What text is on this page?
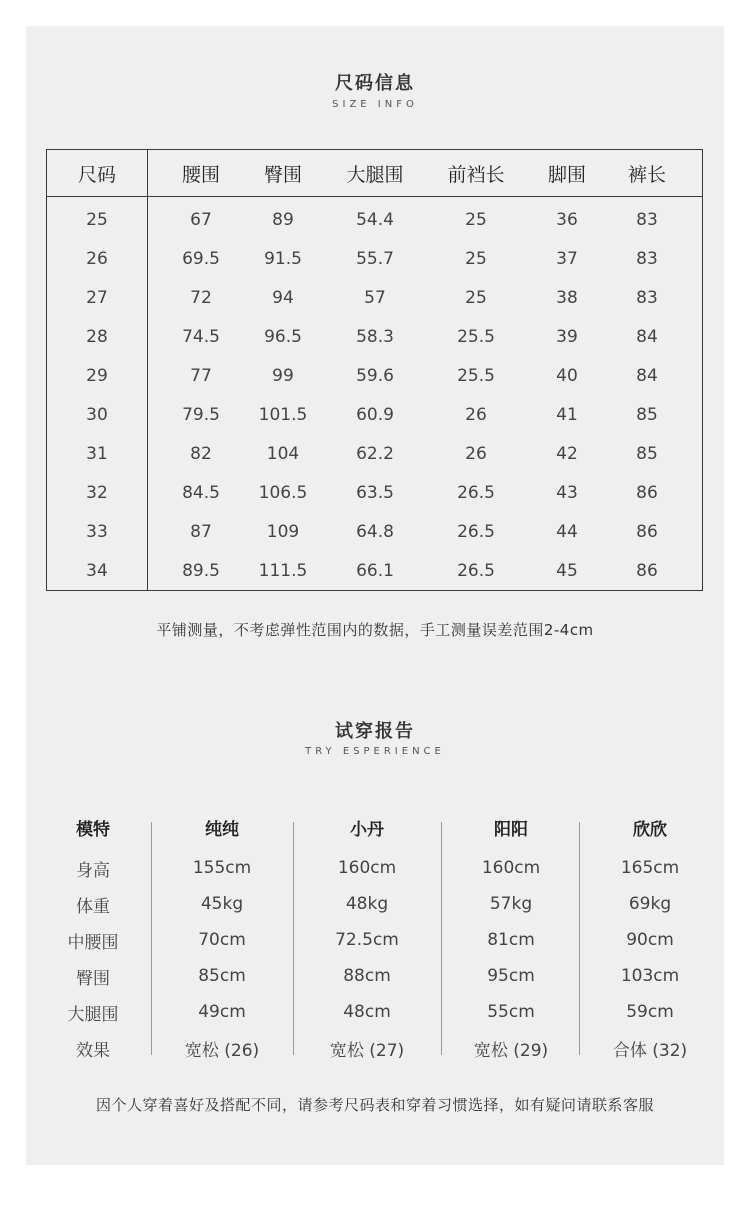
尺码信息
SIZE INFO
尺码	腰围	臀围	大腿围	前裆长	脚围	裤长
25	67	89	54.4	25	36	83
26	69.5	91.5	55.7	25	37	83
27	72	94	57	25	38	83
28	74.5	96.5	58.3	25.5	39	84
29	77	99	59.6	25.5	40	84
30	79.5	101.5	60.9	26	41	85
31	82	104	62.2	26	42	85
32	84.5	106.5	63.5	26.5	43	86
33	87	109	64.8	26.5	44	86
34	89.5	111.5	66.1	26.5	45	86
平铺测量，不考虑弹性范围内的数据，手工测量误差范围2-4cm
试穿报告
TRY ESPERIENCE
模特	纯纯	小丹	阳阳	欣欣
身高	155cm	160cm	160cm	165cm
体重	45kg	48kg	57kg	69kg
中腰围	70cm	72.5cm	81cm	90cm
臀围	85cm	88cm	95cm	103cm
大腿围	49cm	48cm	55cm	59cm
效果	宽松 (26)	宽松 (27)	宽松 (29)	合体 (32)
因个人穿着喜好及搭配不同，请参考尺码表和穿着习惯选择，如有疑问请联系客服
